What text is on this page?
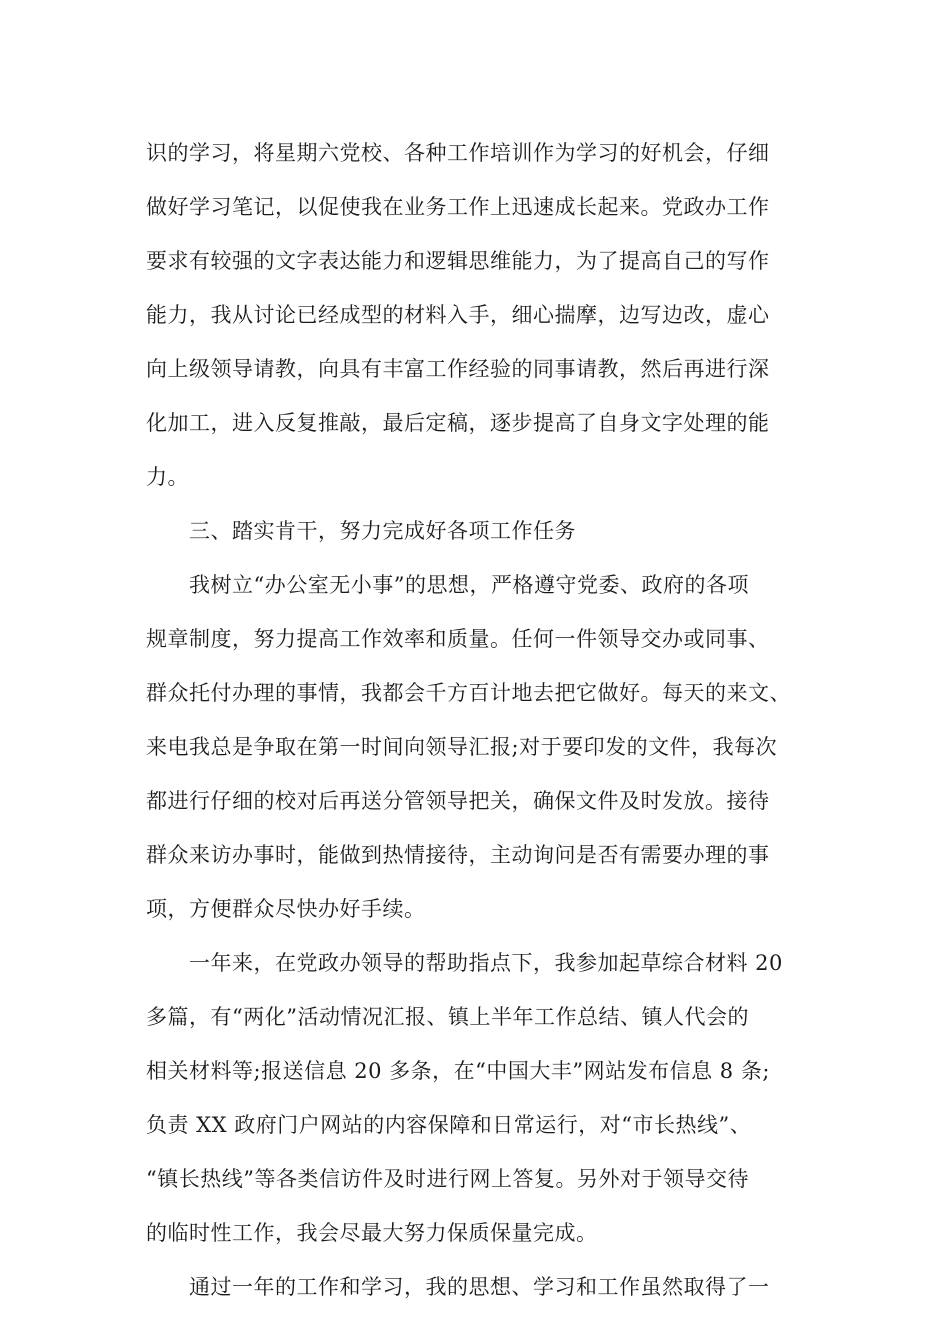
识的学习，将星期六党校、各种工作培训作为学习的好机会，仔细
做好学习笔记，以促使我在业务工作上迅速成长起来。党政办工作
要求有较强的文字表达能力和逻辑思维能力，为了提高自己的写作
能力，我从讨论已经成型的材料入手，细心揣摩，边写边改，虚心
向上级领导请教，向具有丰富工作经验的同事请教，然后再进行深
化加工，进入反复推敲，最后定稿，逐步提高了自身文字处理的能
力。
　　三、踏实肯干，努力完成好各项工作任务
　　我树立“办公室无小事”的思想，严格遵守党委、政府的各项
规章制度，努力提高工作效率和质量。任何一件领导交办或同事、
群众托付办理的事情，我都会千方百计地去把它做好。每天的来文、
来电我总是争取在第一时间向领导汇报;对于要印发的文件，我每次
都进行仔细的校对后再送分管领导把关，确保文件及时发放。接待
群众来访办事时，能做到热情接待，主动询问是否有需要办理的事
项，方便群众尽快办好手续。
　　一年来，在党政办领导的帮助指点下，我参加起草综合材料 20
多篇，有“两化”活动情况汇报、镇上半年工作总结、镇人代会的
相关材料等;报送信息 20 多条，在“中国大丰”网站发布信息 8 条;
负责 XX 政府门户网站的内容保障和日常运行，对“市长热线”、
“镇长热线”等各类信访件及时进行网上答复。另外对于领导交待
的临时性工作，我会尽最大努力保质保量完成。
　　通过一年的工作和学习，我的思想、学习和工作虽然取得了一
